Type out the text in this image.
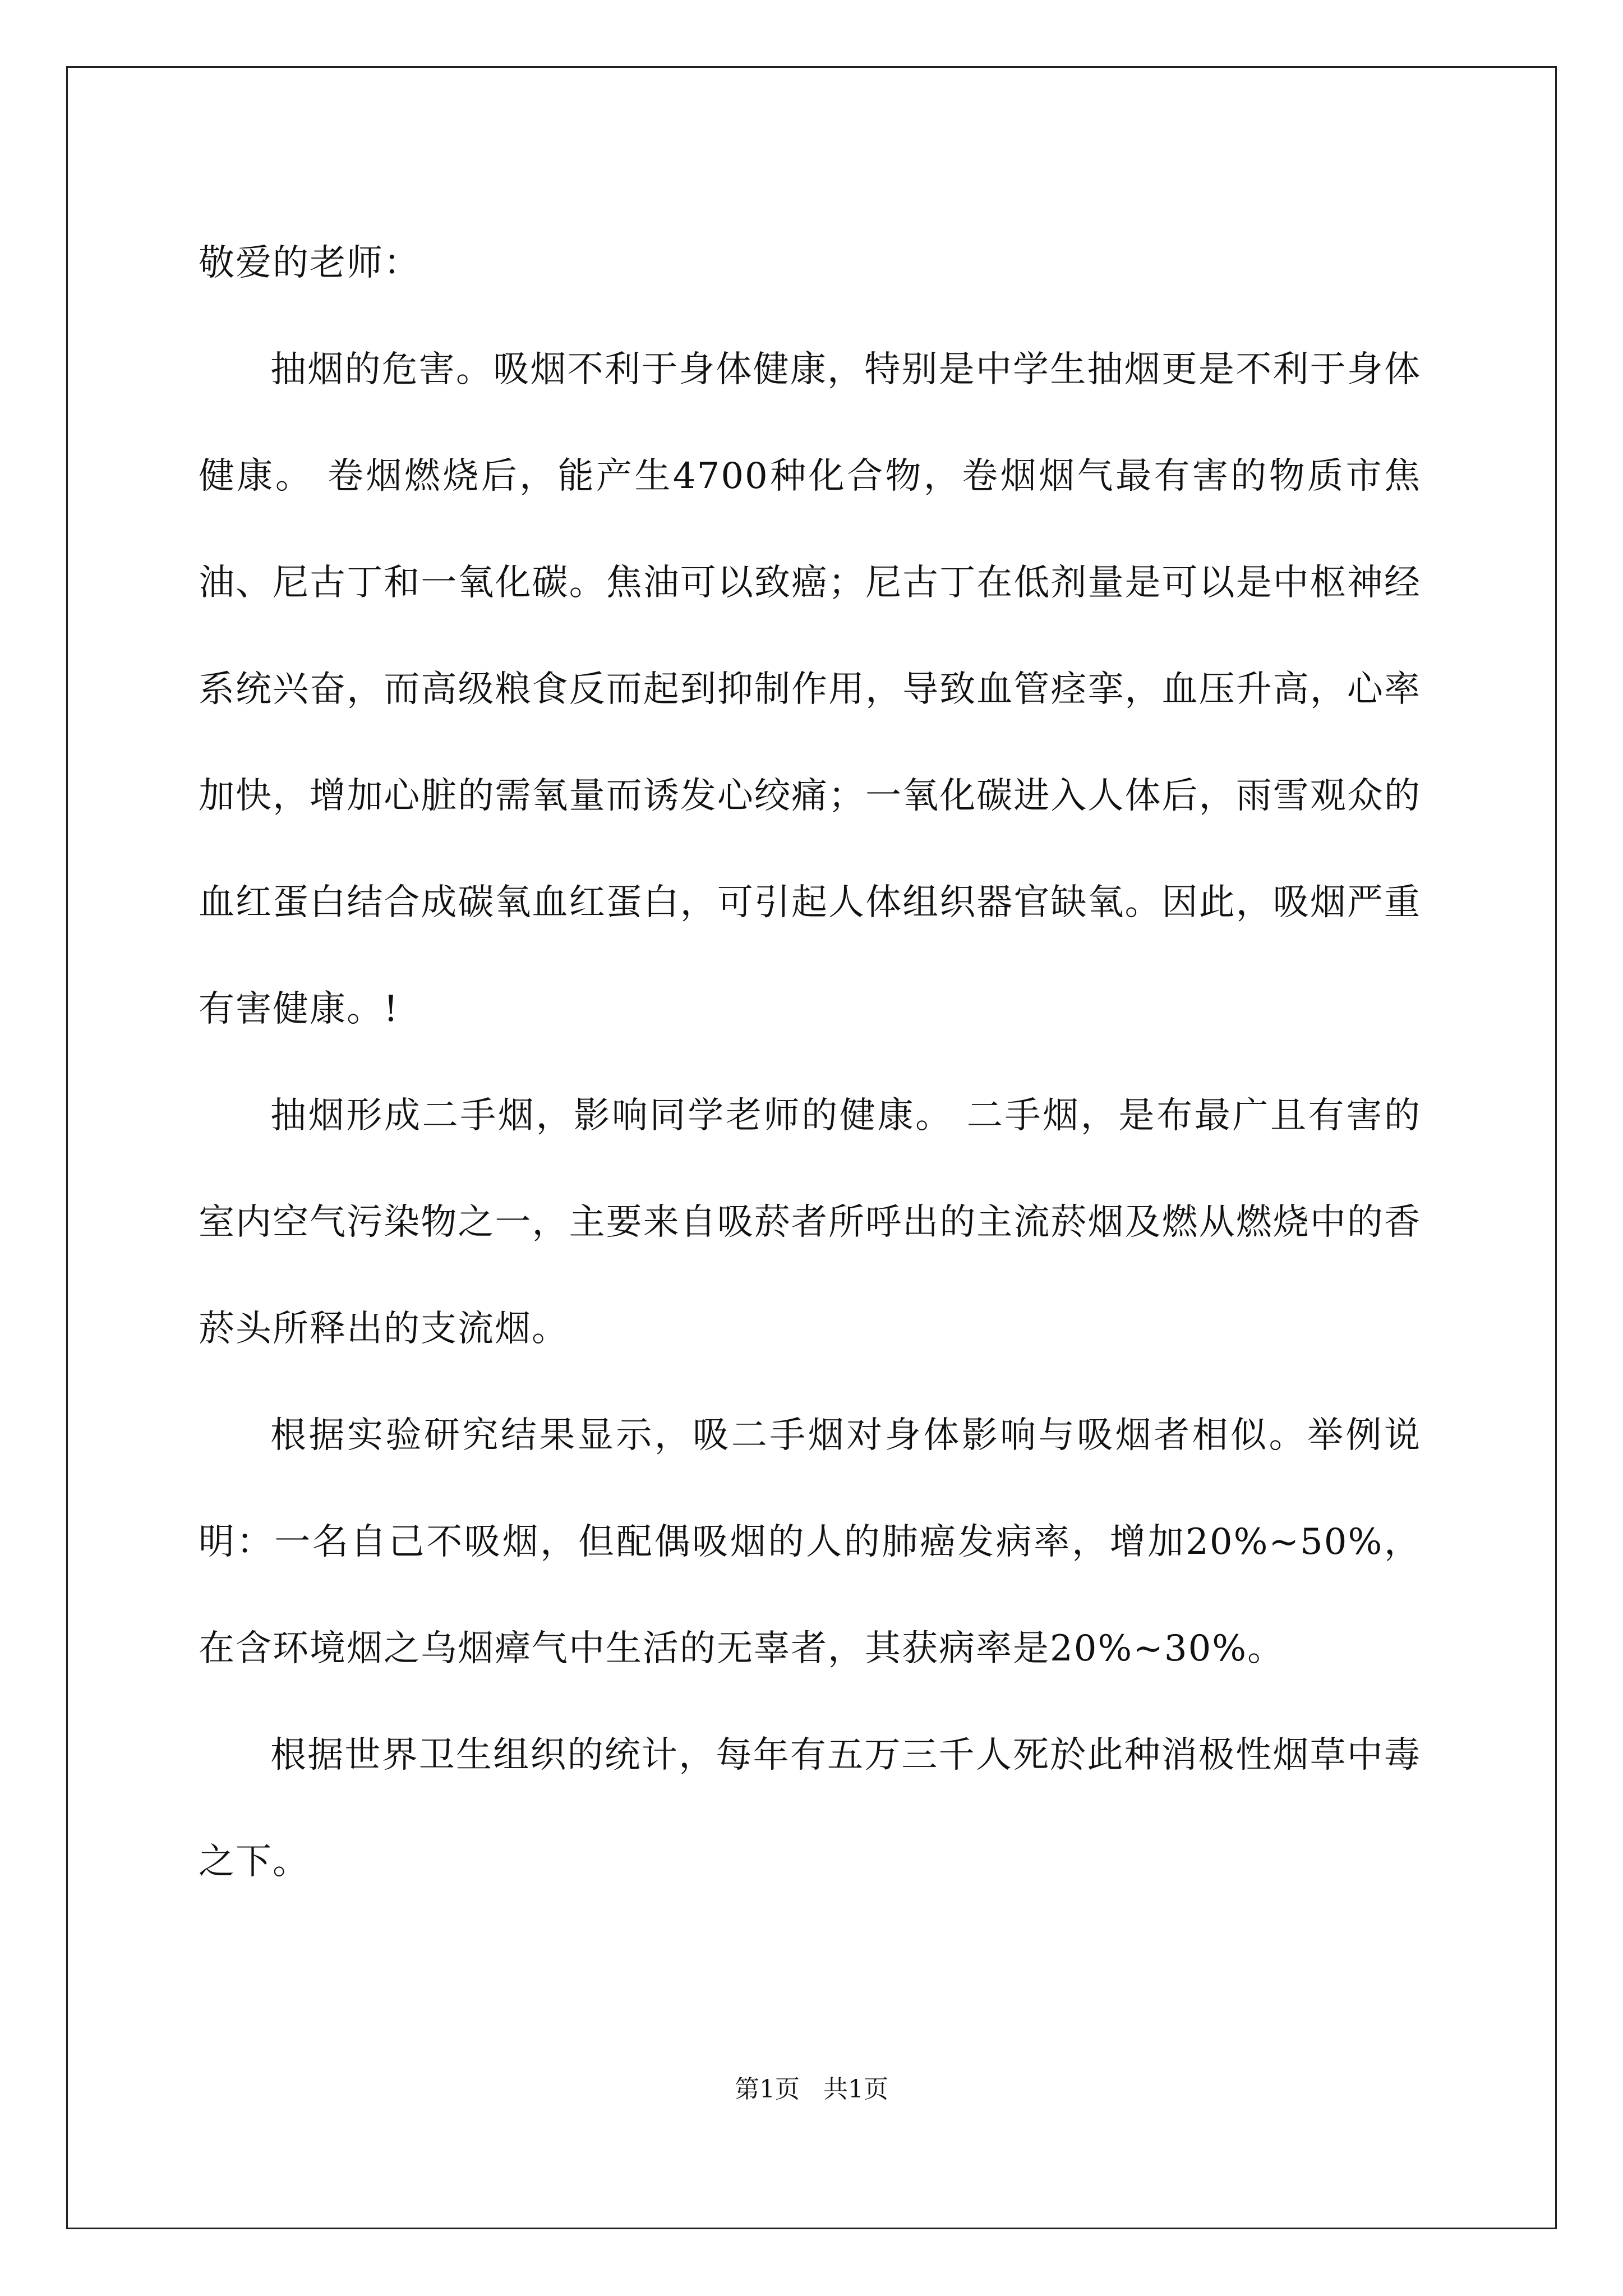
敬爱的老师：

抽烟的危害。吸烟不利于身体健康，特别是中学生抽烟更是不利于身体健康。 卷烟燃烧后，能产生4700种化合物，卷烟烟气最有害的物质市焦油、尼古丁和一氧化碳。焦油可以致癌；尼古丁在低剂量是可以是中枢神经系统兴奋，而高级粮食反而起到抑制作用，导致血管痉挛，血压升高，心率加快，增加心脏的需氧量而诱发心绞痛；一氧化碳进入人体后，雨雪观众的血红蛋白结合成碳氧血红蛋白，可引起人体组织器官缺氧。因此，吸烟严重有害健康。!

抽烟形成二手烟，影响同学老师的健康。 二手烟，是布最广且有害的室内空气污染物之一，主要来自吸菸者所呼出的主流菸烟及燃从燃烧中的香菸头所释出的支流烟。

根据实验研究结果显示，吸二手烟对身体影响与吸烟者相似。举例说明：一名自己不吸烟，但配偶吸烟的人的肺癌发病率，增加20%~50%，在含环境烟之乌烟瘴气中生活的无辜者，其获病率是20%~30%。

根据世界卫生组织的统计，每年有五万三千人死於此种消极性烟草中毒之下。

第1页   共1页
